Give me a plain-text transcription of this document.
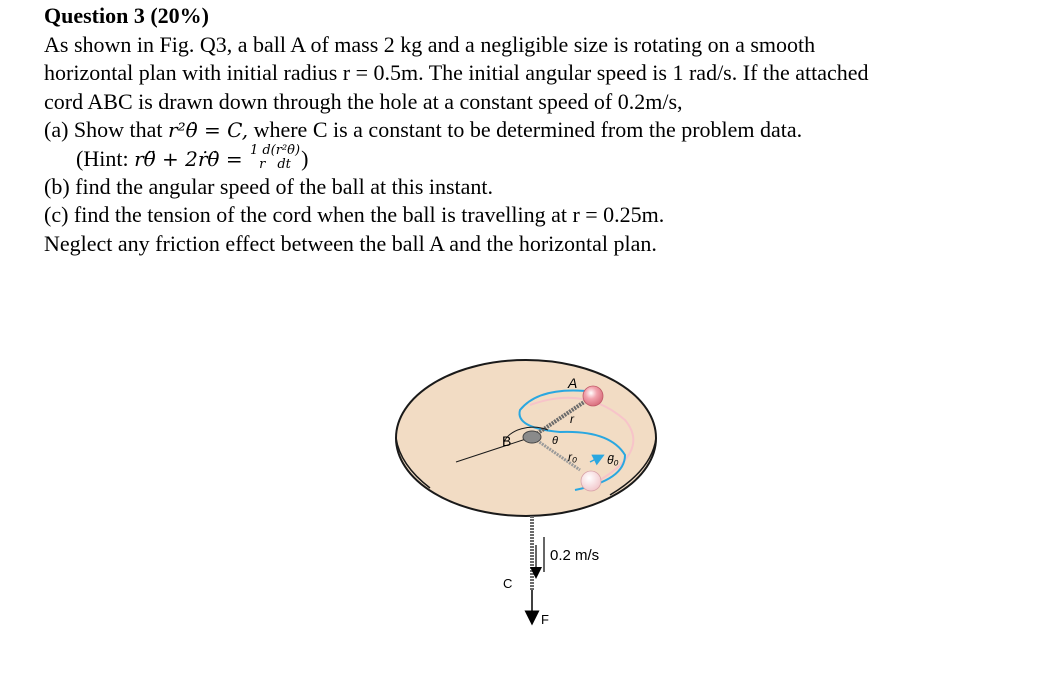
Question 3 (20%)
As shown in Fig. Q3, a ball A of mass 2 kg and a negligible size is rotating on a smooth
horizontal plan with initial radius r = 0.5m. The initial angular speed is 1 rad/s. If the attached
cord ABC is drawn down through the hole at a constant speed of 0.2m/s,
(a) Show that r²θ̇ = C, where C is a constant to be determined from the problem data.
(Hint: rθ̈ + 2ṙθ̇ = 1 d(r²θ̇)
r dt )
(b) find the angular speed of the ball at this instant.
(c) find the tension of the cord when the ball is travelling at r = 0.25m.
Neglect any friction effect between the ball A and the horizontal plan.
A
B
r
θ
r₀ θ̇₀
0.2 m/s
C
F
